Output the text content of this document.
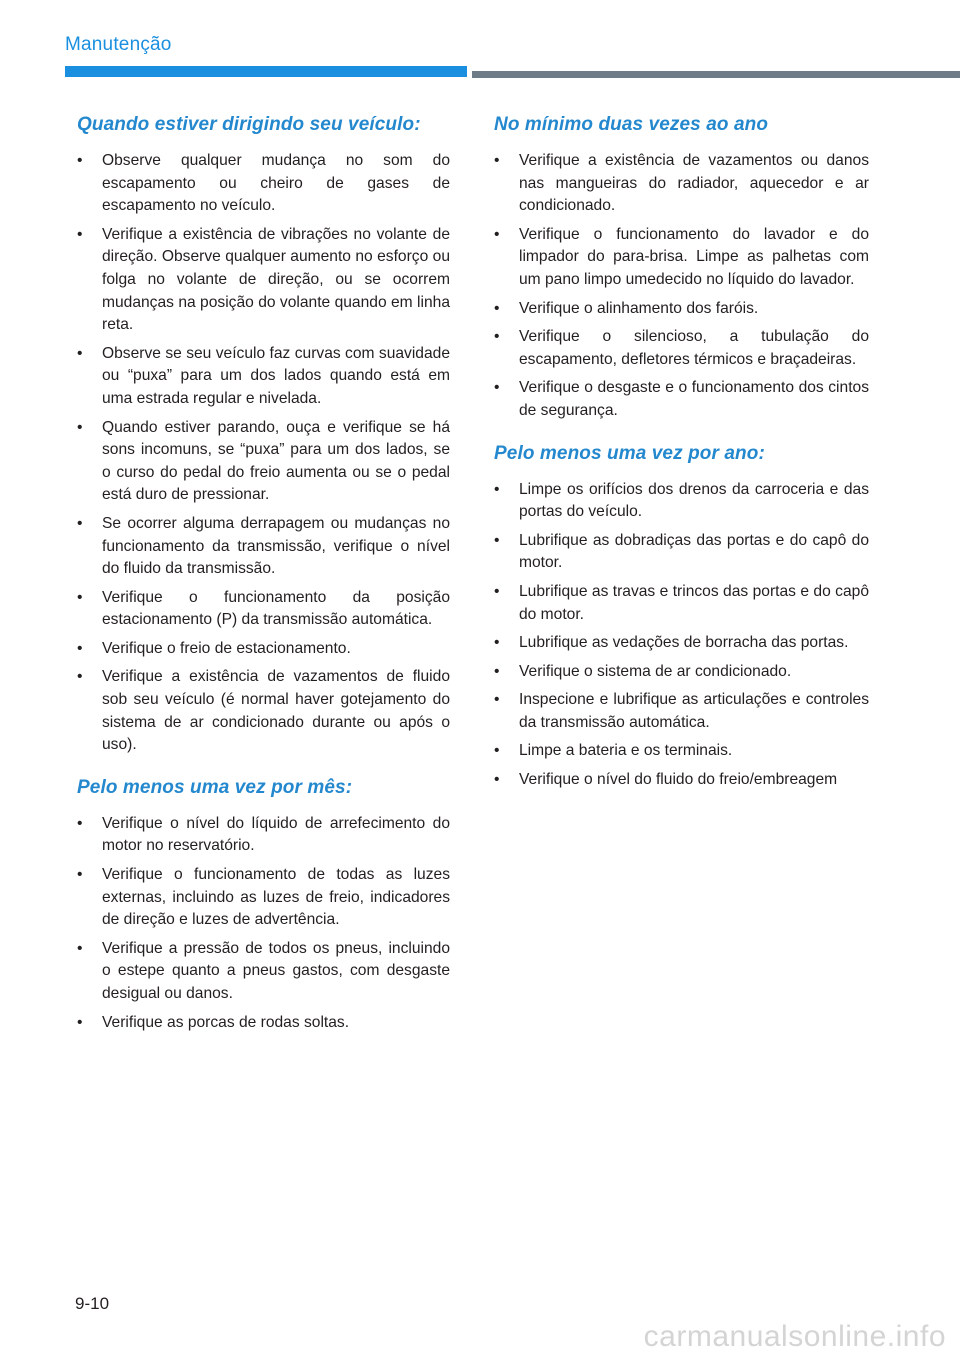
Manutenção
Quando estiver dirigindo seu veículo:
•	Observe qualquer mudança no som do escapamento ou cheiro de gases de escapamento no veículo.
•	Verifique a existência de vibrações no volante de direção. Observe qualquer aumento no esforço ou folga no volante de direção, ou se ocorrem mudanças na posição do volante quando em linha reta.
•	Observe se seu veículo faz curvas com suavidade ou “puxa” para um dos lados quando está em uma estrada regular e nivelada.
•	Quando estiver parando, ouça e verifique se há sons incomuns, se “puxa” para um dos lados, se o curso do pedal do freio aumenta ou se o pedal está duro de pressionar.
•	Se ocorrer alguma derrapagem ou mudanças no funcionamento da transmissão, verifique o nível do fluido da transmissão.
•	Verifique o funcionamento da posição estacionamento (P) da transmissão automática.
•	Verifique o freio de estacionamento.
•	Verifique a existência de vazamentos de fluido sob seu veículo (é normal haver gotejamento do sistema de ar condicionado durante ou após o uso).
Pelo menos uma vez por mês:
•	Verifique o nível do líquido de arrefecimento do motor no reservatório.
•	Verifique o funcionamento de todas as luzes externas, incluindo as luzes de freio, indicadores de direção e luzes de advertência.
•	Verifique a pressão de todos os pneus, incluindo o estepe quanto a pneus gastos, com desgaste desigual ou danos.
•	Verifique as porcas de rodas soltas.
No mínimo duas vezes ao ano
•	Verifique a existência de vazamentos ou danos nas mangueiras do radiador, aquecedor e ar condicionado.
•	Verifique o funcionamento do lavador e do limpador do para-brisa. Limpe as palhetas com um pano limpo umedecido no líquido do lavador.
•	Verifique o alinhamento dos faróis.
•	Verifique o silencioso, a tubulação do escapamento, defletores térmicos e braçadeiras.
•	Verifique o desgaste e o funcionamento dos cintos de segurança.
Pelo menos uma vez por ano:
•	Limpe os orifícios dos drenos da carroceria e das portas do veículo.
•	Lubrifique as dobradiças das portas e do capô do motor.
•	Lubrifique as travas e trincos das portas e do capô do motor.
•	Lubrifique as vedações de borracha das portas.
•	Verifique o sistema de ar condicionado.
•	Inspecione e lubrifique as articulações e controles da transmissão automática.
•	Limpe a bateria e os terminais.
•	Verifique o nível do fluido do freio/embreagem
9-10
carmanualsonline.info
